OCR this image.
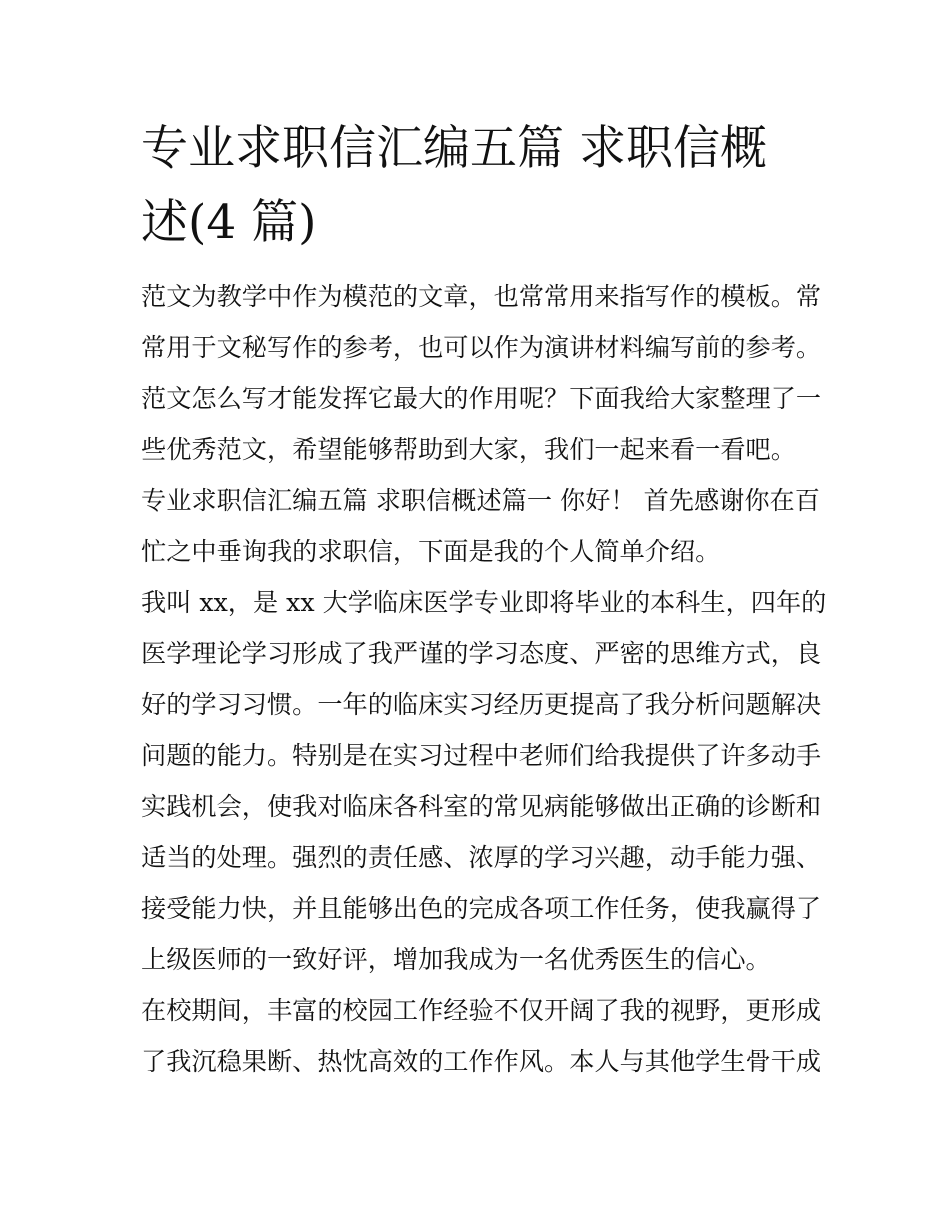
专业求职信汇编五篇 求职信概
述(4 篇)

范文为教学中作为模范的文章，也常常用来指写作的模板。常
常用于文秘写作的参考，也可以作为演讲材料编写前的参考。
范文怎么写才能发挥它最大的作用呢？下面我给大家整理了一
些优秀范文，希望能够帮助到大家，我们一起来看一看吧。

专业求职信汇编五篇 求职信概述篇一 你好！ 首先感谢你在百
忙之中垂询我的求职信，下面是我的个人简单介绍。

我叫 xx，是 xx 大学临床医学专业即将毕业的本科生，四年的
医学理论学习形成了我严谨的学习态度、严密的思维方式，良
好的学习习惯。一年的临床实习经历更提高了我分析问题解决
问题的能力。特别是在实习过程中老师们给我提供了许多动手
实践机会，使我对临床各科室的常见病能够做出正确的诊断和
适当的处理。强烈的责任感、浓厚的学习兴趣，动手能力强、
接受能力快，并且能够出色的完成各项工作任务，使我赢得了
上级医师的一致好评，增加我成为一名优秀医生的信心。

在校期间，丰富的校园工作经验不仅开阔了我的视野，更形成
了我沉稳果断、热忱高效的工作作风。本人与其他学生骨干成
